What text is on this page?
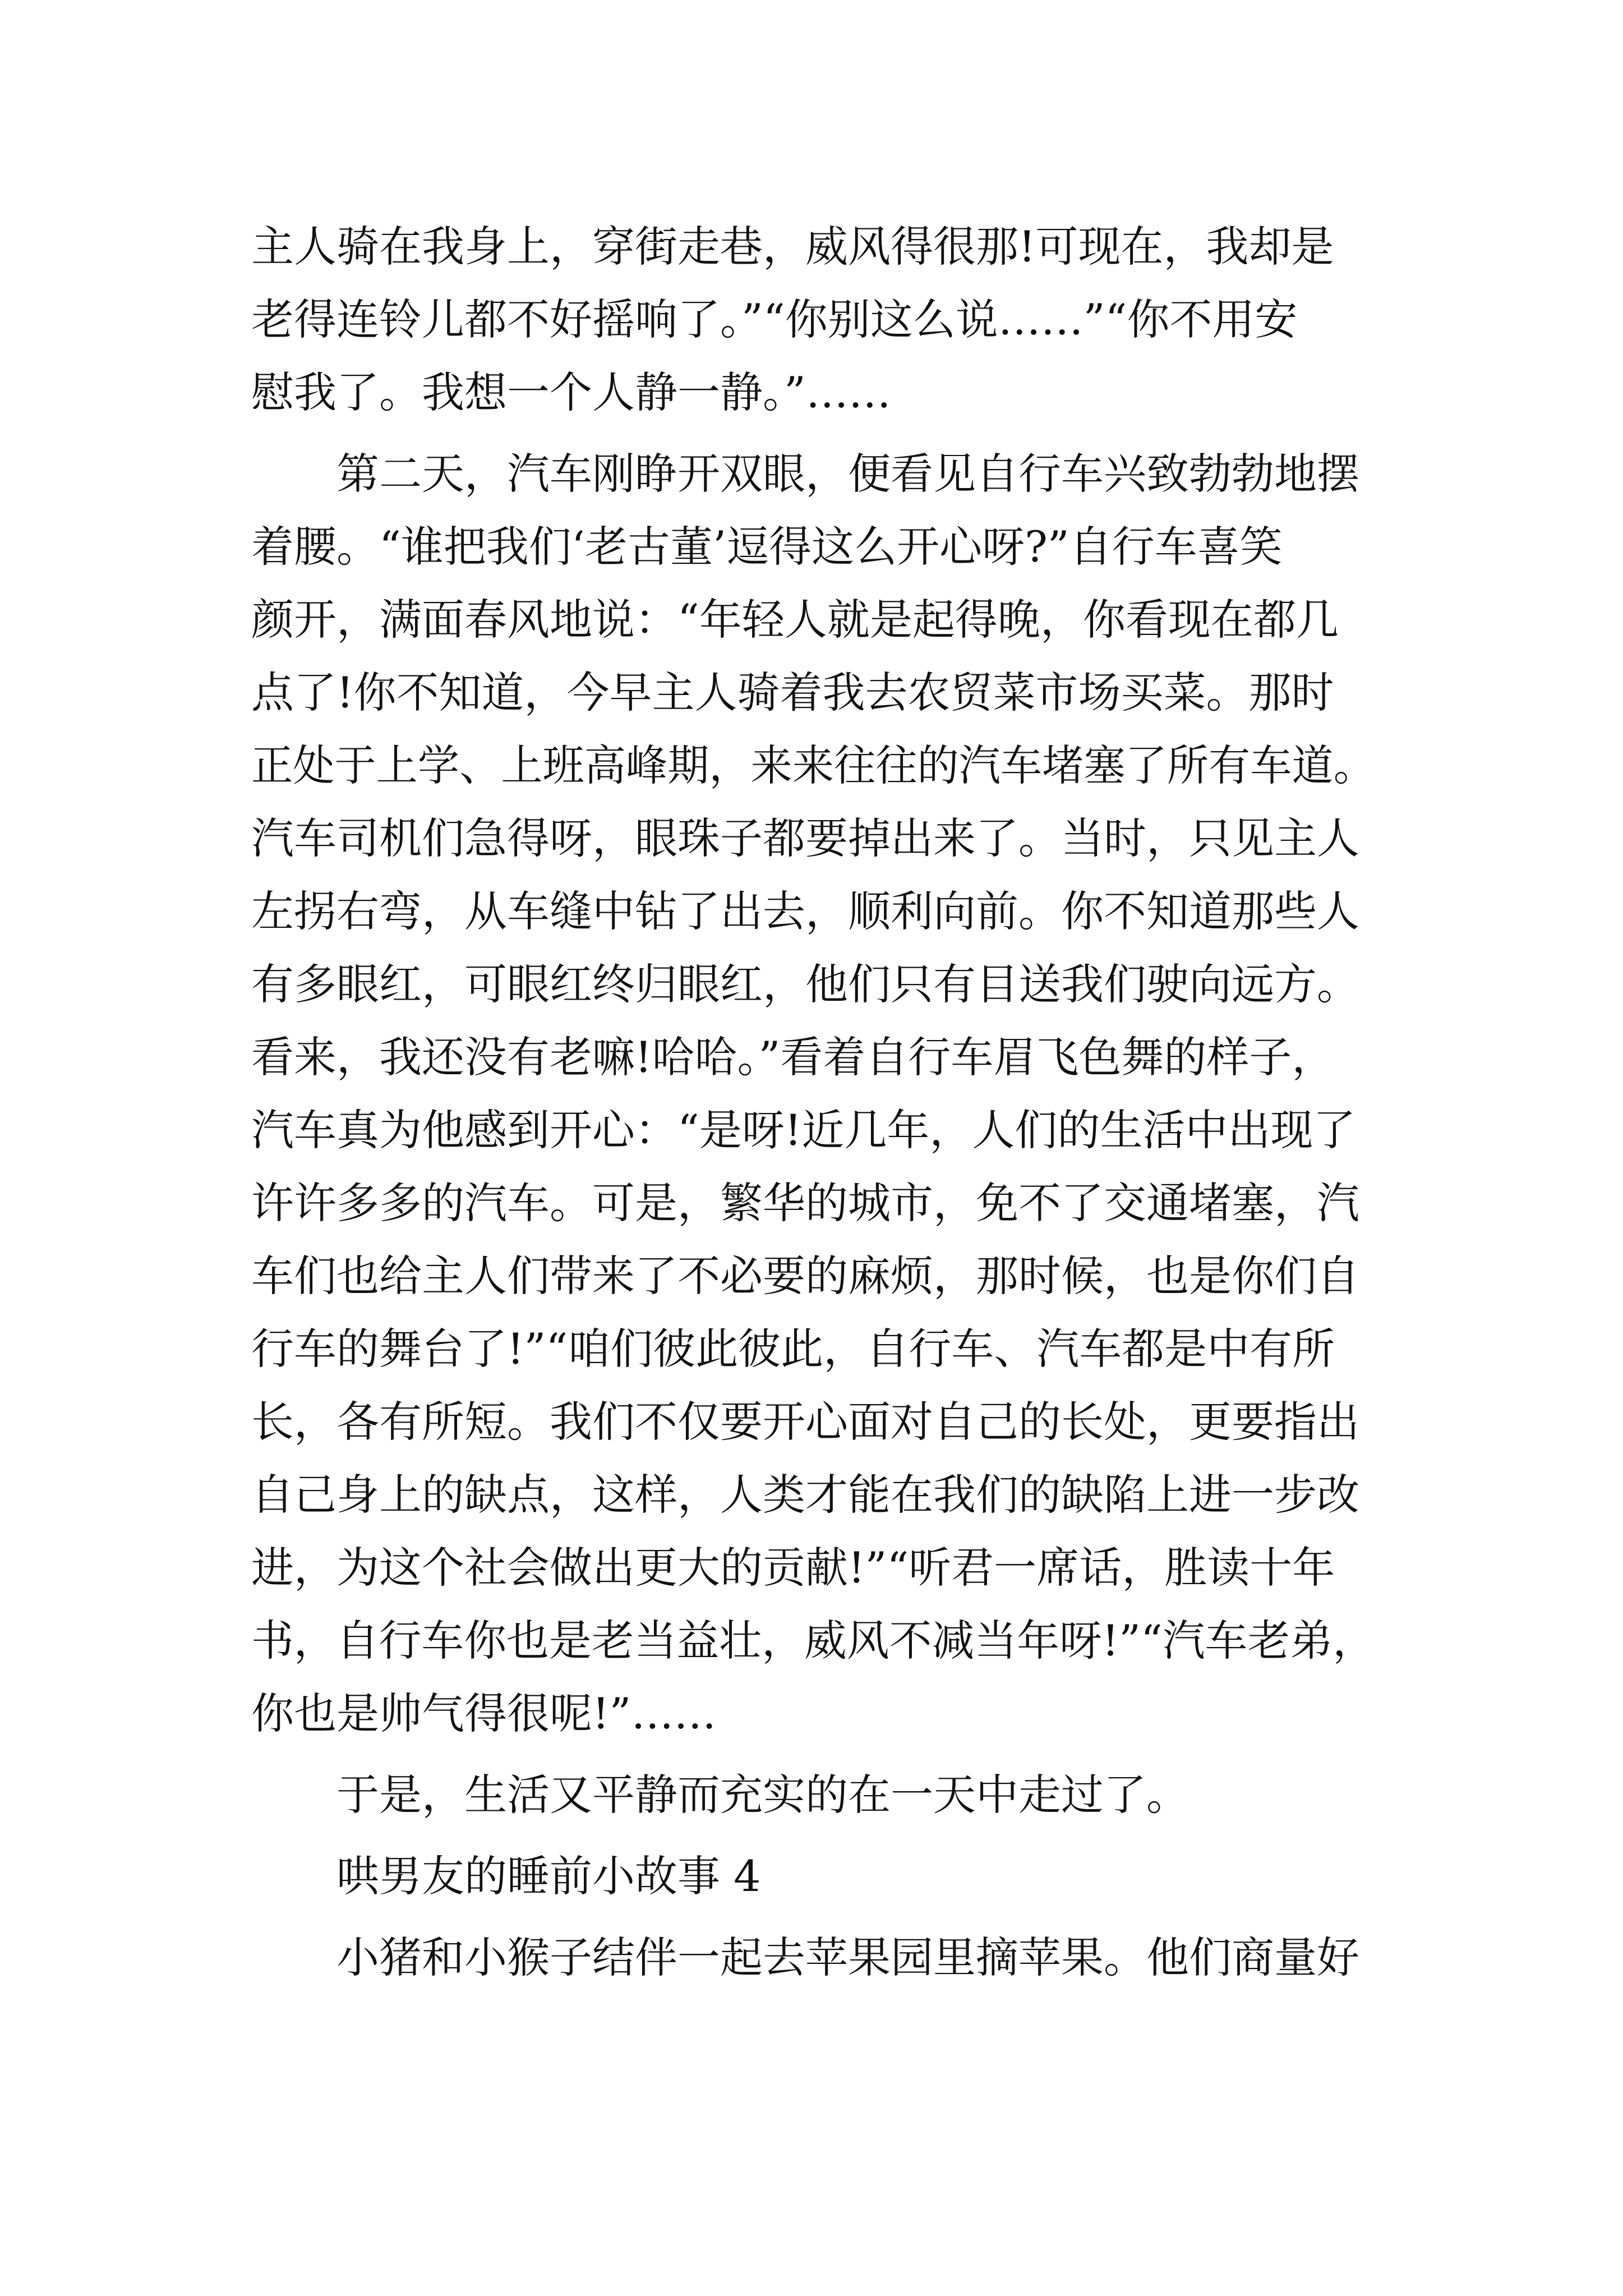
主人骑在我身上，穿街走巷，威风得很那!可现在，我却是
老得连铃儿都不好摇响了。”“你别这么说……”“你不用安
慰我了。我想一个人静一静。”……
第二天，汽车刚睁开双眼，便看见自行车兴致勃勃地摆
着腰。“谁把我们‘老古董’逗得这么开心呀?”自行车喜笑
颜开，满面春风地说：“年轻人就是起得晚，你看现在都几
点了!你不知道，今早主人骑着我去农贸菜市场买菜。那时
正处于上学、上班高峰期，来来往往的汽车堵塞了所有车道。
汽车司机们急得呀，眼珠子都要掉出来了。当时，只见主人
左拐右弯，从车缝中钻了出去，顺利向前。你不知道那些人
有多眼红，可眼红终归眼红，他们只有目送我们驶向远方。
看来，我还没有老嘛!哈哈。”看着自行车眉飞色舞的样子，
汽车真为他感到开心：“是呀!近几年，人们的生活中出现了
许许多多的汽车。可是，繁华的城市，免不了交通堵塞，汽
车们也给主人们带来了不必要的麻烦，那时候，也是你们自
行车的舞台了!”“咱们彼此彼此，自行车、汽车都是中有所
长，各有所短。我们不仅要开心面对自己的长处，更要指出
自己身上的缺点，这样，人类才能在我们的缺陷上进一步改
进，为这个社会做出更大的贡献!”“听君一席话，胜读十年
书，自行车你也是老当益壮，威风不减当年呀!”“汽车老弟，
你也是帅气得很呢!”……
于是，生活又平静而充实的在一天中走过了。
哄男友的睡前小故事 4
小猪和小猴子结伴一起去苹果园里摘苹果。他们商量好
